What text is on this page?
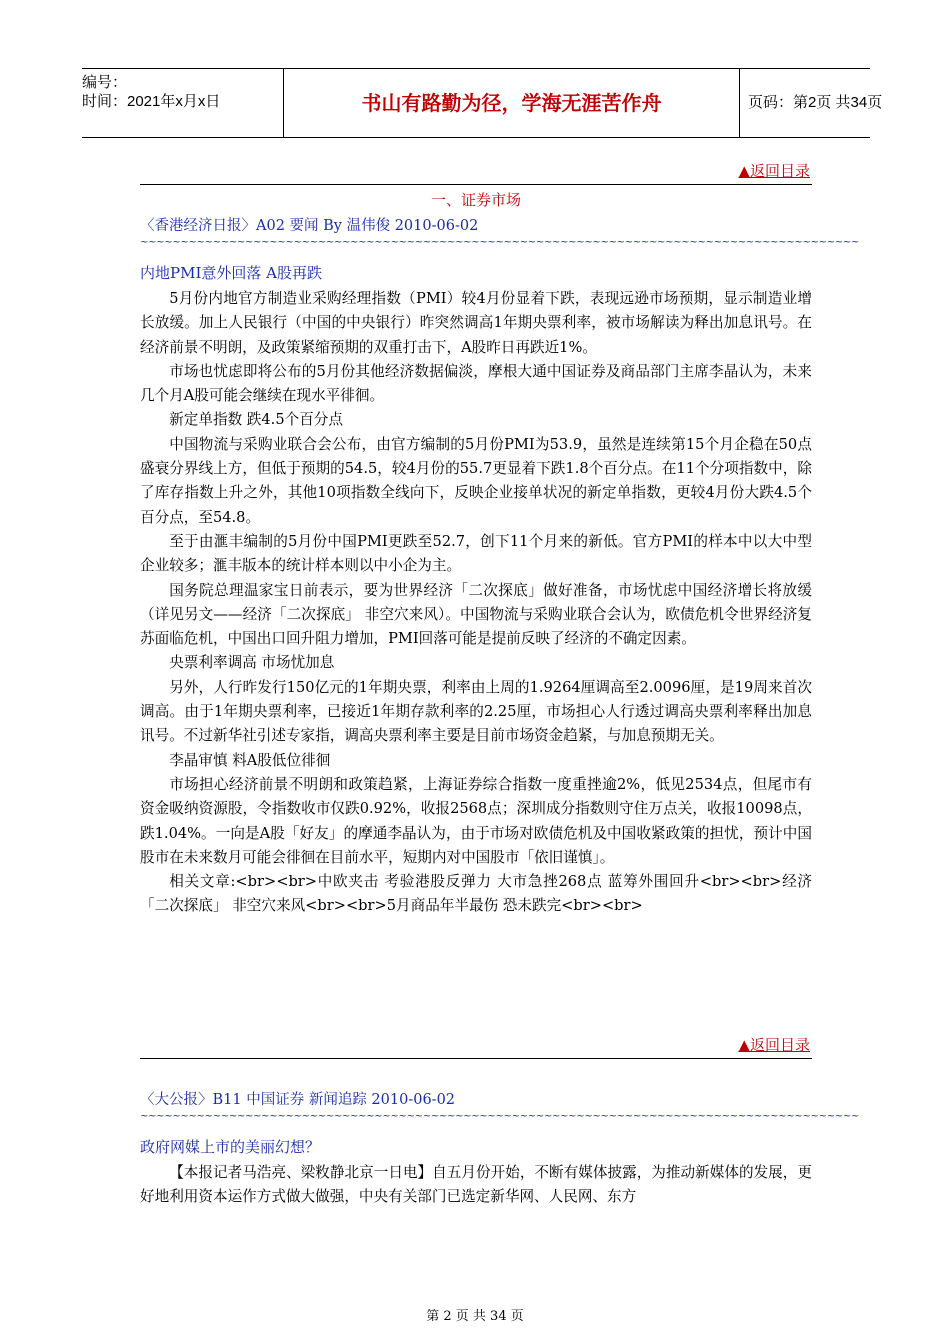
编号：
时间：2021年x月x日	书山有路勤为径，学海无涯苦作舟	页码：第2页 共34页
▲返回目录
一、证券市场
〈香港经济日报〉A02 要闻 By 温伟俊 2010-06-02
~~~~~~~~~~~~~~~~~~~~~~~~~~~~~~~~~~~~~~~~~~~~~~~~~~~~~~~~~~~~~~~~~~~~~~~~~~~~~~~~~~~~~~~~~
内地PMI意外回落 A股再跌

5月份内地官方制造业采购经理指数（PMI）较4月份显着下跌，表现远逊市场预期，显示制造业增长放缓。加上人民银行（中国的中央银行）昨突然调高1年期央票利率，被市场解读为释出加息讯号。在经济前景不明朗，及政策紧缩预期的双重打击下，A股昨日再跌近1%。

市场也忧虑即将公布的5月份其他经济数据偏淡，摩根大通中国证券及商品部门主席李晶认为，未来几个月A股可能会继续在现水平徘徊。

新定单指数 跌4.5个百分点

中国物流与采购业联合会公布，由官方编制的5月份PMI为53.9，虽然是连续第15个月企稳在50点盛衰分界线上方，但低于预期的54.5，较4月份的55.7更显着下跌1.8个百分点。在11个分项指数中，除了库存指数上升之外，其他10项指数全线向下，反映企业接单状况的新定单指数，更较4月份大跌4.5个百分点，至54.8。

至于由滙丰编制的5月份中国PMI更跌至52.7，创下11个月来的新低。官方PMI的样本中以大中型企业较多；滙丰版本的统计样本则以中小企为主。

国务院总理温家宝日前表示，要为世界经济「二次探底」做好准备，市场忧虑中国经济增长将放缓（详见另文——经济「二次探底」 非空穴来风）。中国物流与采购业联合会认为，欧债危机令世界经济复苏面临危机，中国出口回升阻力增加，PMI回落可能是提前反映了经济的不确定因素。

央票利率调高 市场忧加息

另外，人行昨发行150亿元的1年期央票，利率由上周的1.9264厘调高至2.0096厘，是19周来首次调高。由于1年期央票利率，已接近1年期存款利率的2.25厘，市场担心人行透过调高央票利率释出加息讯号。不过新华社引述专家指，调高央票利率主要是目前市场资金趋紧，与加息预期无关。

李晶审慎 料A股低位徘徊

市场担心经济前景不明朗和政策趋紧，上海证券综合指数一度重挫逾2%，低见2534点，但尾市有资金吸纳资源股，令指数收市仅跌0.92%，收报2568点；深圳成分指数则守住万点关，收报10098点，跌1.04%。一向是A股「好友」的摩通李晶认为，由于市场对欧债危机及中国收紧政策的担忧，预计中国股市在未来数月可能会徘徊在目前水平，短期内对中国股市「依旧谨慎」。

相关文章:<br><br>中欧夹击 考验港股反弹力 大市急挫268点 蓝筹外围回升<br><br>经济「二次探底」 非空穴来风<br><br>5月商品年半最伤 恐未跌完<br><br>

▲返回目录
〈大公报〉B11 中国证券 新闻追踪 2010-06-02
~~~~~~~~~~~~~~~~~~~~~~~~~~~~~~~~~~~~~~~~~~~~~~~~~~~~~~~~~~~~~~~~~~~~~~~~~~~~~~~~~~~~~~~~~
政府网媒上市的美丽幻想？

【本报记者马浩亮、梁敉静北京一日电】自五月份开始，不断有媒体披露，为推动新媒体的发展，更好地利用资本运作方式做大做强，中央有关部门已选定新华网、人民网、东方

第 2 页 共 34 页
